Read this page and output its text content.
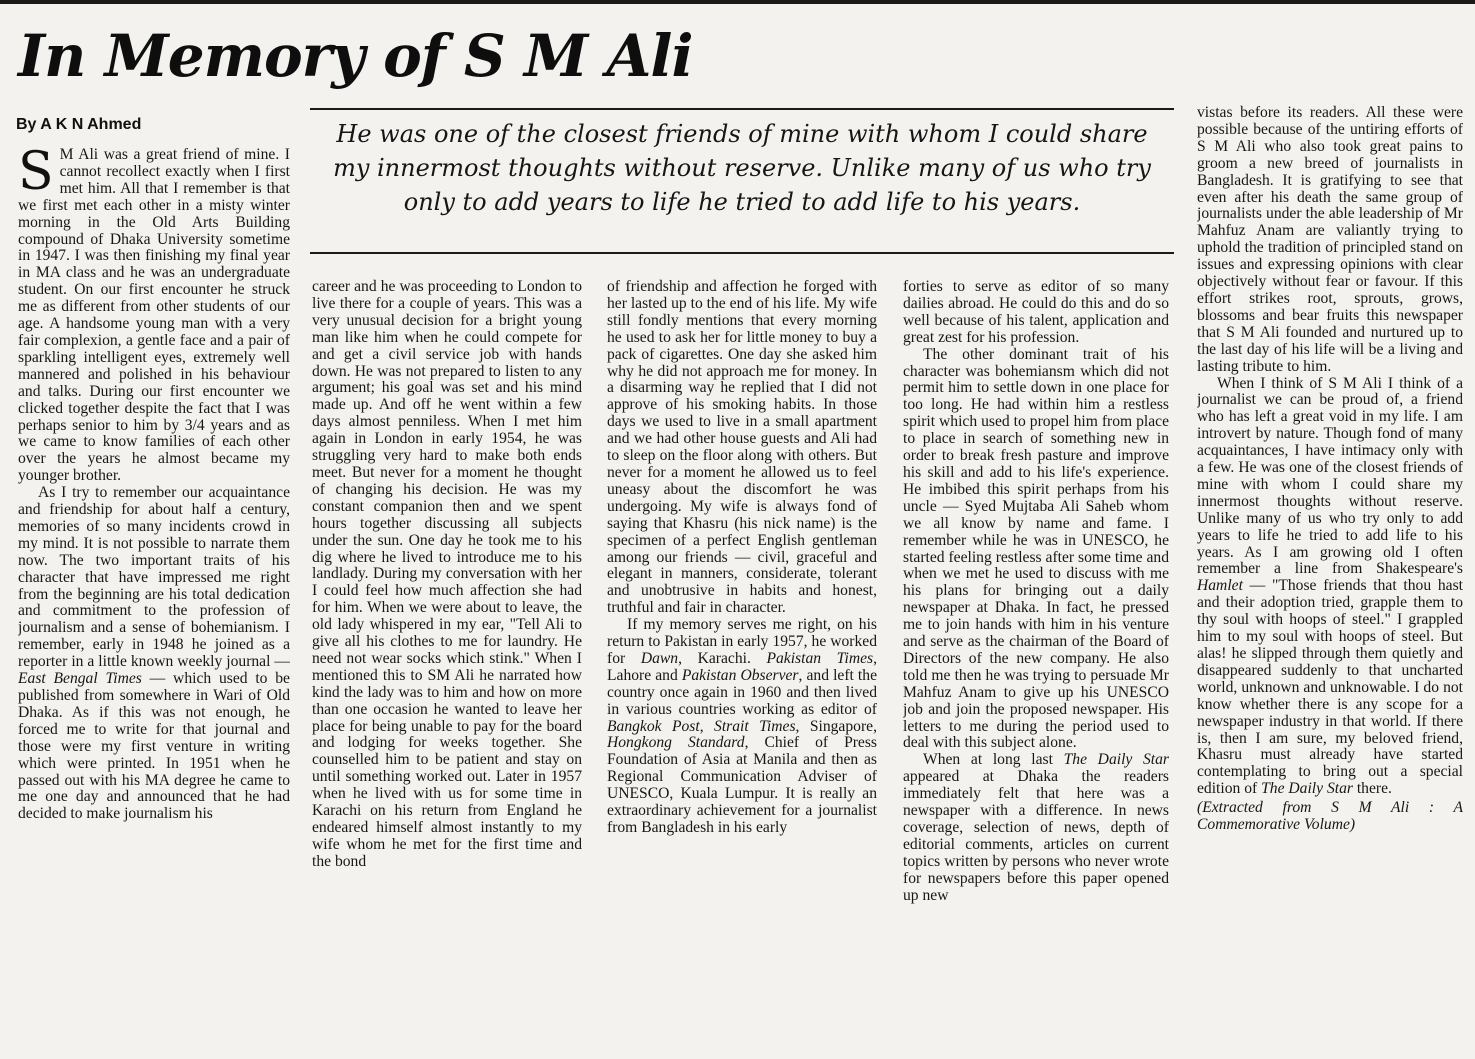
In Memory of S M Ali
By A K N Ahmed	He was one of the closest friends of mine with whom I could share my innermost thoughts without reserve. Unlike many of us who try only to add years to life he tried to add life to his years.

S M Ali was a great friend of mine. I cannot recollect exactly when I first met him. All that I remember is that we first met each other in a misty winter morning in the Old Arts Building compound of Dhaka University sometime in 1947. I was then finishing my final year in MA class and he was an undergraduate student. On our first encounter he struck me as different from other students of our age. A handsome young man with a very fair complexion, a gentle face and a pair of sparkling intelligent eyes, extremely well mannered and polished in his behaviour and talks. During our first encounter we clicked together despite the fact that I was perhaps senior to him by 3/4 years and as we came to know families of each other over the years he almost became my younger brother.

As I try to remember our acquaintance and friendship for about half a century, memories of so many incidents crowd in my mind. It is not possible to narrate them now. The two important traits of his character that have impressed me right from the beginning are his total dedication and commitment to the profession of journalism and a sense of bohemianism. I remember, early in 1948 he joined as a reporter in a little known weekly journal — East Bengal Times — which used to be published from somewhere in Wari of Old Dhaka. As if this was not enough, he forced me to write for that journal and those were my first venture in writing which were printed. In 1951 when he passed out with his MA degree he came to me one day and announced that he had decided to make journalism his

career and he was proceeding to London to live there for a couple of years. This was a very unusual decision for a bright young man like him when he could compete for and get a civil service job with hands down. He was not prepared to listen to any argument; his goal was set and his mind made up. And off he went within a few days almost penniless. When I met him again in London in early 1954, he was struggling very hard to make both ends meet. But never for a moment he thought of changing his decision. He was my constant companion then and we spent hours together discussing all subjects under the sun. One day he took me to his dig where he lived to introduce me to his landlady. During my conversation with her I could feel how much affection she had for him. When we were about to leave, the old lady whispered in my ear, "Tell Ali to give all his clothes to me for laundry. He need not wear socks which stink." When I mentioned this to SM Ali he narrated how kind the lady was to him and how on more than one occasion he wanted to leave her place for being unable to pay for the board and lodging for weeks together. She counselled him to be patient and stay on until something worked out. Later in 1957 when he lived with us for some time in Karachi on his return from England he endeared himself almost instantly to my wife whom he met for the first time and the bond

of friendship and affection he forged with her lasted up to the end of his life. My wife still fondly mentions that every morning he used to ask her for little money to buy a pack of cigarettes. One day she asked him why he did not approach me for money. In a disarming way he replied that I did not approve of his smoking habits. In those days we used to live in a small apartment and we had other house guests and Ali had to sleep on the floor along with others. But never for a moment he allowed us to feel uneasy about the discomfort he was undergoing. My wife is always fond of saying that Khasru (his nick name) is the specimen of a perfect English gentleman among our friends — civil, graceful and elegant in manners, considerate, tolerant and unobtrusive in habits and honest, truthful and fair in character.

If my memory serves me right, on his return to Pakistan in early 1957, he worked for Dawn, Karachi. Pakistan Times, Lahore and Pakistan Observer, and left the country once again in 1960 and then lived in various countries working as editor of Bangkok Post, Strait Times, Singapore, Hongkong Standard, Chief of Press Foundation of Asia at Manila and then as Regional Communication Adviser of UNESCO, Kuala Lumpur. It is really an extraordinary achievement for a journalist from Bangladesh in his early

forties to serve as editor of so many dailies abroad. He could do this and do so well because of his talent, application and great zest for his profession.

The other dominant trait of his character was bohemiansm which did not permit him to settle down in one place for too long. He had within him a restless spirit which used to propel him from place to place in search of something new in order to break fresh pasture and improve his skill and add to his life's experience. He imbibed this spirit perhaps from his uncle — Syed Mujtaba Ali Saheb whom we all know by name and fame. I remember while he was in UNESCO, he started feeling restless after some time and when we met he used to discuss with me his plans for bringing out a daily newspaper at Dhaka. In fact, he pressed me to join hands with him in his venture and serve as the chairman of the Board of Directors of the new company. He also told me then he was trying to persuade Mr Mahfuz Anam to give up his UNESCO job and join the proposed newspaper. His letters to me during the period used to deal with this subject alone.

When at long last The Daily Star appeared at Dhaka the readers immediately felt that here was a newspaper with a difference. In news coverage, selection of news, depth of editorial comments, articles on current topics written by persons who never wrote for newspapers before this paper opened up new

vistas before its readers. All these were possible because of the untiring efforts of S M Ali who also took great pains to groom a new breed of journalists in Bangladesh. It is gratifying to see that even after his death the same group of journalists under the able leadership of Mr Mahfuz Anam are valiantly trying to uphold the tradition of principled stand on issues and expressing opinions with clear objectively without fear or favour. If this effort strikes root, sprouts, grows, blossoms and bear fruits this newspaper that S M Ali founded and nurtured up to the last day of his life will be a living and lasting tribute to him.

When I think of S M Ali I think of a journalist we can be proud of, a friend who has left a great void in my life. I am introvert by nature. Though fond of many acquaintances, I have intimacy only with a few. He was one of the closest friends of mine with whom I could share my innermost thoughts without reserve. Unlike many of us who try only to add years to life he tried to add life to his years. As I am growing old I often remember a line from Shakespeare's Hamlet — "Those friends that thou hast and their adoption tried, grapple them to thy soul with hoops of steel." I grappled him to my soul with hoops of steel. But alas! he slipped through them quietly and disappeared suddenly to that uncharted world, unknown and unknowable. I do not know whether there is any scope for a newspaper industry in that world. If there is, then I am sure, my beloved friend, Khasru must already have started contemplating to bring out a special edition of The Daily Star there.

(Extracted from S M Ali : A Commemorative Volume)
